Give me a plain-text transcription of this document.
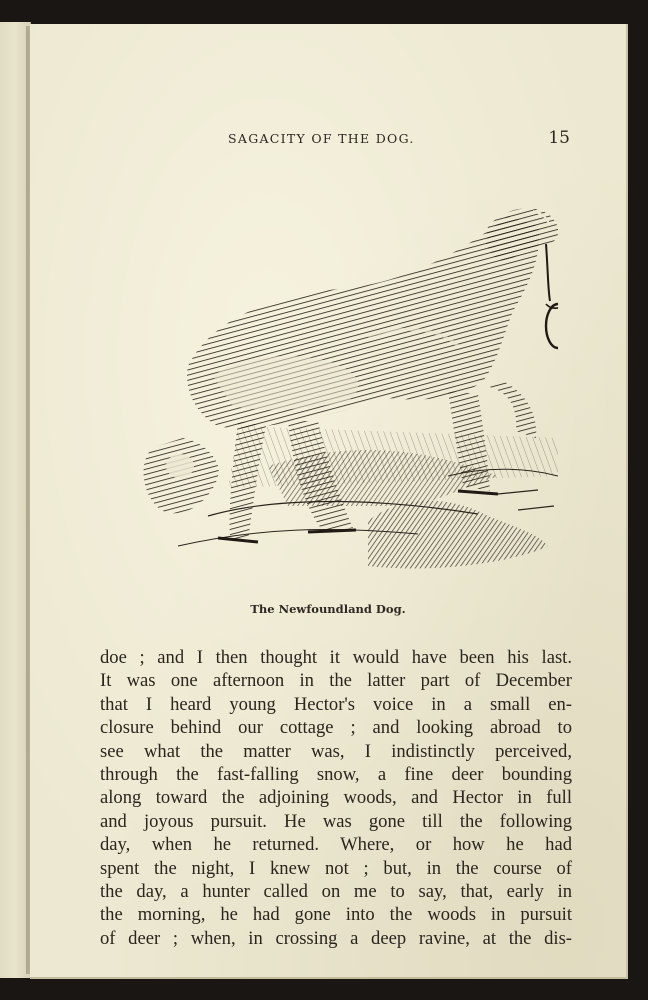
SAGACITY OF THE DOG.	15
The Newfoundland Dog.
doe ; and I then thought it would have been his last.
It was one afternoon in the latter part of December
that I heard young Hector's voice in a small en-
closure behind our cottage ; and looking abroad to
see what the matter was, I indistinctly perceived,
through the fast-falling snow, a fine deer bounding
along toward the adjoining woods, and Hector in full
and joyous pursuit. He was gone till the following
day, when he returned. Where, or how he had
spent the night, I knew not ; but, in the course of
the day, a hunter called on me to say, that, early in
the morning, he had gone into the woods in pursuit
of deer ; when, in crossing a deep ravine, at the dis-
